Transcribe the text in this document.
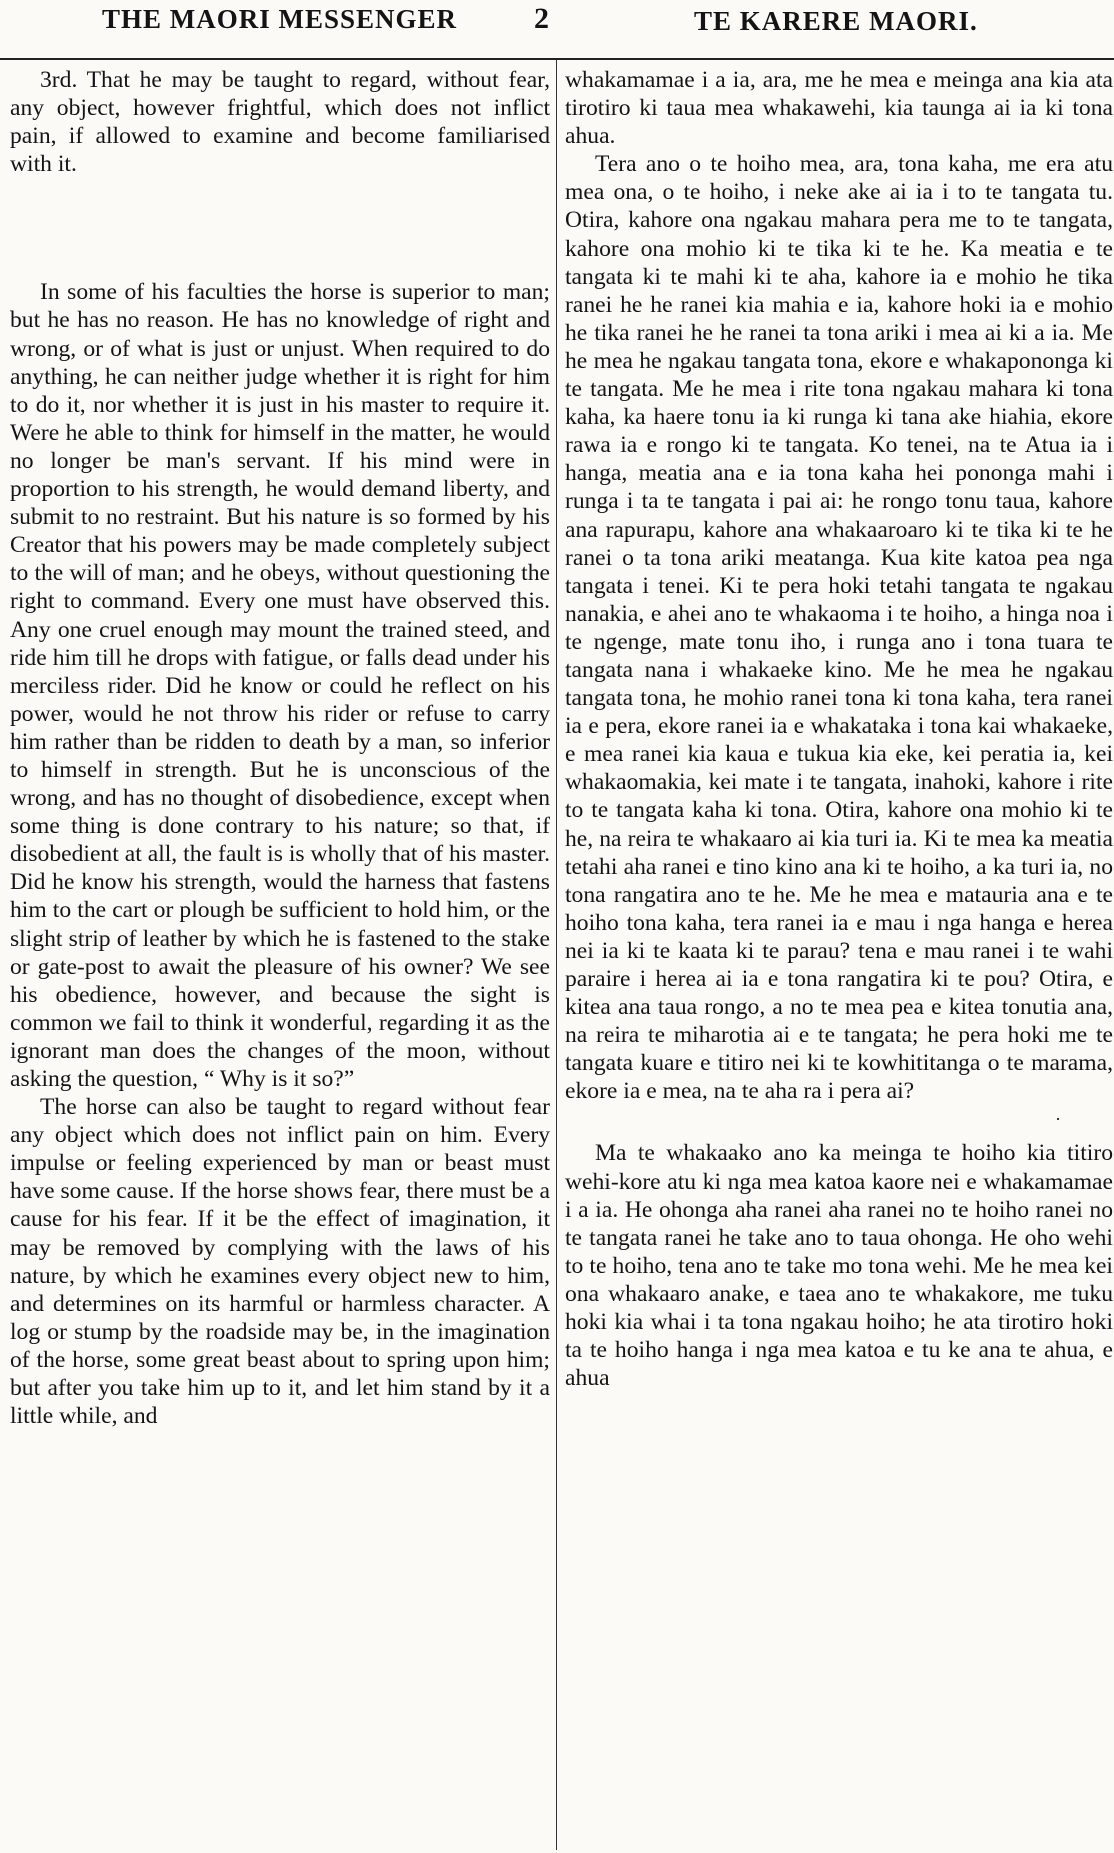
THE MAORI MESSENGER	2	TE KARERE MAORI.

3rd. That he may be taught to regard, without fear, any object, however frightful, which does not inflict pain, if allowed to examine and become familiarised with it.

In some of his faculties the horse is superior to man; but he has no reason. He has no knowledge of right and wrong, or of what is just or unjust. When required to do anything, he can neither judge whether it is right for him to do it, nor whether it is just in his master to require it. Were he able to think for himself in the matter, he would no longer be man's servant. If his mind were in proportion to his strength, he would demand liberty, and submit to no restraint. But his nature is so formed by his Creator that his powers may be made completely subject to the will of man; and he obeys, without questioning the right to command. Every one must have observed this. Any one cruel enough may mount the trained steed, and ride him till he drops with fatigue, or falls dead under his merciless rider. Did he know or could he reflect on his power, would he not throw his rider or refuse to carry him rather than be ridden to death by a man, so inferior to himself in strength. But he is unconscious of the wrong, and has no thought of disobedience, except when some thing is done contrary to his nature; so that, if disobedient at all, the fault is is wholly that of his master. Did he know his strength, would the harness that fastens him to the cart or plough be sufficient to hold him, or the slight strip of leather by which he is fastened to the stake or gate-post to await the pleasure of his owner? We see his obedience, however, and because the sight is common we fail to think it wonderful, regarding it as the ignorant man does the changes of the moon, without asking the question, “ Why is it so?”

The horse can also be taught to regard without fear any object which does not inflict pain on him. Every impulse or feeling experienced by man or beast must have some cause. If the horse shows fear, there must be a cause for his fear. If it be the effect of imagination, it may be removed by complying with the laws of his nature, by which he examines every object new to him, and determines on its harmful or harmless character. A log or stump by the roadside may be, in the imagination of the horse, some great beast about to spring upon him; but after you take him up to it, and let him stand by it a little while, and

whakamamae i a ia, ara, me he mea e meinga ana kia ata tirotiro ki taua mea whakawehi, kia taunga ai ia ki tona ahua.

Tera ano o te hoiho mea, ara, tona kaha, me era atu mea ona, o te hoiho, i neke ake ai ia i to te tangata tu. Otira, kahore ona ngakau mahara pera me to te tangata, kahore ona mohio ki te tika ki te he. Ka meatia e te tangata ki te mahi ki te aha, kahore ia e mohio he tika ranei he he ranei kia mahia e ia, kahore hoki ia e mohio he tika ranei he he ranei ta tona ariki i mea ai ki a ia. Me he mea he ngakau tangata tona, ekore e whakapononga ki te tangata. Me he mea i rite tona ngakau mahara ki tona kaha, ka haere tonu ia ki runga ki tana ake hiahia, ekore rawa ia e rongo ki te tangata. Ko tenei, na te Atua ia i hanga, meatia ana e ia tona kaha hei pononga mahi i runga i ta te tangata i pai ai: he rongo tonu taua, kahore ana rapurapu, kahore ana whakaaroaro ki te tika ki te he ranei o ta tona ariki meatanga. Kua kite katoa pea nga tangata i tenei. Ki te pera hoki tetahi tangata te ngakau nanakia, e ahei ano te whakaoma i te hoiho, a hinga noa i te ngenge, mate tonu iho, i runga ano i tona tuara te tangata nana i whakaeke kino. Me he mea he ngakau tangata tona, he mohio ranei tona ki tona kaha, tera ranei ia e pera, ekore ranei ia e whakataka i tona kai whakaeke, e mea ranei kia kaua e tukua kia eke, kei peratia ia, kei whakaomakia, kei mate i te tangata, inahoki, kahore i rite to te tangata kaha ki tona. Otira, kahore ona mohio ki te he, na reira te whakaaro ai kia turi ia. Ki te mea ka meatia tetahi aha ranei e tino kino ana ki te hoiho, a ka turi ia, no tona rangatira ano te he. Me he mea e matauria ana e te hoiho tona kaha, tera ranei ia e mau i nga hanga e herea nei ia ki te kaata ki te parau? tena e mau ranei i te wahi paraire i herea ai ia e tona rangatira ki te pou? Otira, e kitea ana taua rongo, a no te mea pea e kitea tonutia ana, na reira te miharotia ai e te tangata; he pera hoki me te tangata kuare e titiro nei ki te kowhititanga o te marama, ekore ia e mea, na te aha ra i pera ai?

·

Ma te whakaako ano ka meinga te hoiho kia titiro wehi-kore atu ki nga mea katoa kaore nei e whakamamae i a ia. He ohonga aha ranei aha ranei no te hoiho ranei no te tangata ranei he take ano to taua ohonga. He oho wehi to te hoiho, tena ano te take mo tona wehi. Me he mea kei ona whakaaro anake, e taea ano te whakakore, me tuku hoki kia whai i ta tona ngakau hoiho; he ata tirotiro hoki ta te hoiho hanga i nga mea katoa e tu ke ana te ahua, e ahua
